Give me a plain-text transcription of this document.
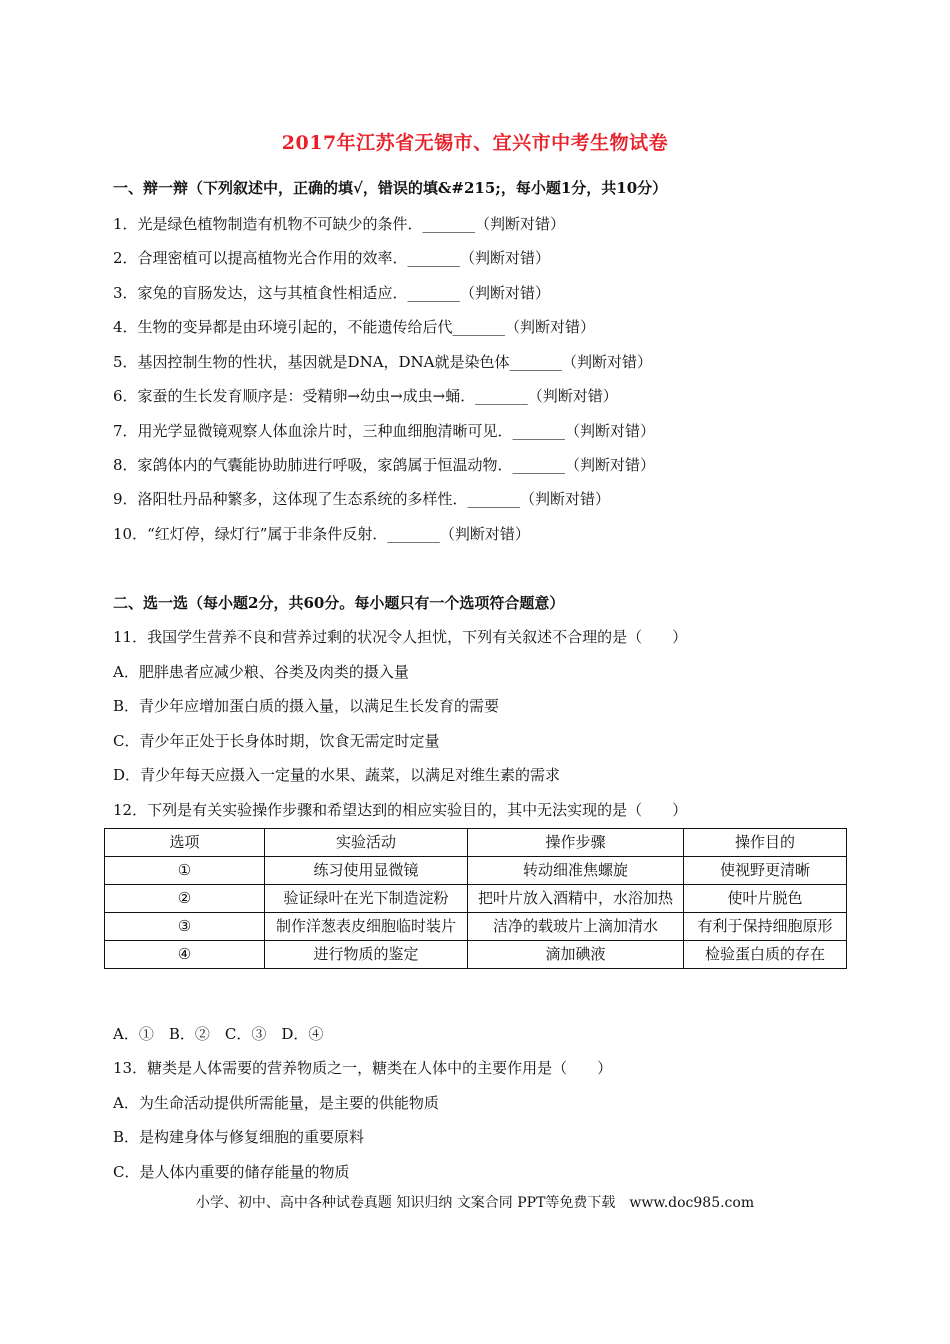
2017年江苏省无锡市、宜兴市中考生物试卷
一、辩一辩（下列叙述中，正确的填√，错误的填&#215;，每小题1分，共10分）
1．光是绿色植物制造有机物不可缺少的条件．_______（判断对错）
2．合理密植可以提高植物光合作用的效率．_______（判断对错）
3．家兔的盲肠发达，这与其植食性相适应．_______（判断对错）
4．生物的变异都是由环境引起的，不能遗传给后代_______（判断对错）
5．基因控制生物的性状，基因就是DNA，DNA就是染色体_______（判断对错）
6．家蚕的生长发育顺序是：受精卵→幼虫→成虫→蛹．_______（判断对错）
7．用光学显微镜观察人体血涂片时，三种血细胞清晰可见．_______（判断对错）
8．家鸽体内的气囊能协助肺进行呼吸，家鸽属于恒温动物．_______（判断对错）
9．洛阳牡丹品种繁多，这体现了生态系统的多样性．_______（判断对错）
10．“红灯停，绿灯行”属于非条件反射．_______（判断对错）
二、选一选（每小题2分，共60分。每小题只有一个选项符合题意）
11．我国学生营养不良和营养过剩的状况令人担忧，下列有关叙述不合理的是（　　）
A．肥胖患者应减少粮、谷类及肉类的摄入量
B．青少年应增加蛋白质的摄入量，以满足生长发育的需要
C．青少年正处于长身体时期，饮食无需定时定量
D．青少年每天应摄入一定量的水果、蔬菜，以满足对维生素的需求
12．下列是有关实验操作步骤和希望达到的相应实验目的，其中无法实现的是（　　）
选项	实验活动	操作步骤	操作目的
①	练习使用显微镜	转动细准焦螺旋	使视野更清晰
②	验证绿叶在光下制造淀粉	把叶片放入酒精中，水浴加热	使叶片脱色
③	制作洋葱表皮细胞临时装片	洁净的载玻片上滴加清水	有利于保持细胞原形
④	进行物质的鉴定	滴加碘液	检验蛋白质的存在
A．①　B．②　C．③　D．④
13．糖类是人体需要的营养物质之一，糖类在人体中的主要作用是（　　）
A．为生命活动提供所需能量，是主要的供能物质
B．是构建身体与修复细胞的重要原料
C．是人体内重要的储存能量的物质
小学、初中、高中各种试卷真题 知识归纳 文案合同 PPT等免费下载　www.doc985.com
